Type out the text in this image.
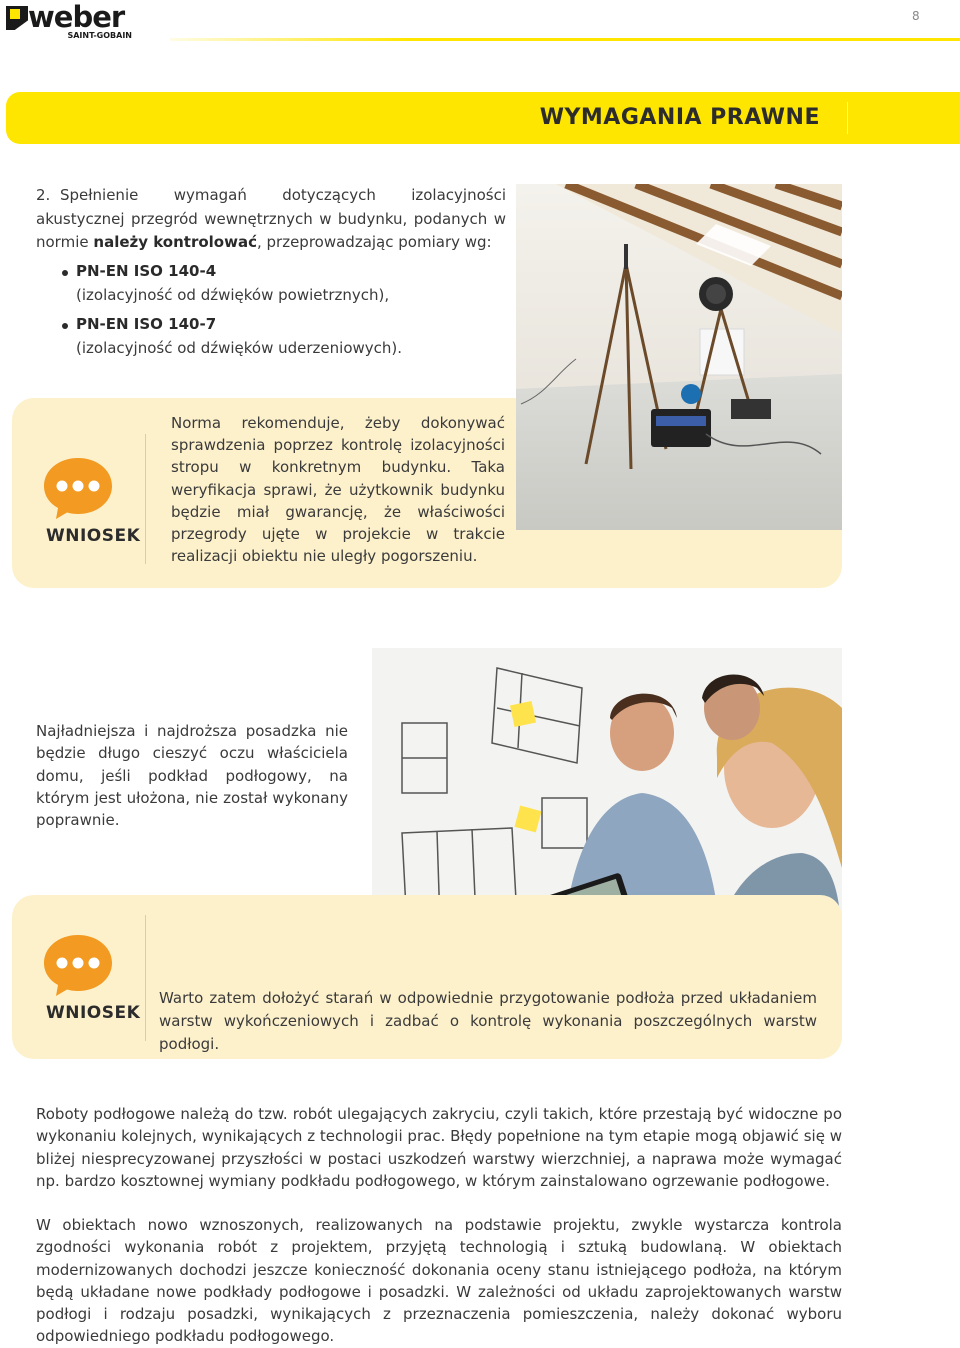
weber
SAINT-GOBAIN
8
WYMAGANIA PRAWNE
2. Spełnienie wymagań dotyczących izolacyjności akustycznej przegród wewnętrznych w budynku, podanych w normie należy kontrolować, przeprowadzając pomiary wg:
PN-EN ISO 140-4
(izolacyjność od dźwięków powietrznych),
PN-EN ISO 140-7
(izolacyjność od dźwięków uderzeniowych).
WNIOSEK
Norma rekomenduje, żeby dokonywać sprawdzenia poprzez kontrolę izolacyjności stropu w konkretnym budynku. Taka weryfikacja sprawi, że użytkownik budynku będzie miał gwarancję, że właściwości przegrody ujęte w projekcie w trakcie realizacji obiektu nie uległy pogorszeniu.
Najładniejsza i najdroższa posadzka nie będzie długo cieszyć oczu właściciela domu, jeśli podkład podłogowy, na którym jest ułożona, nie został wykonany poprawnie.
WNIOSEK
Warto zatem dołożyć starań w odpowiednie przygotowanie podłoża przed układaniem warstw wykończeniowych i zadbać o kontrolę wykonania poszczególnych warstw podłogi.
Roboty podłogowe należą do tzw. robót ulegających zakryciu, czyli takich, które przestają być widoczne po wykonaniu kolejnych, wynikających z technologii prac. Błędy popełnione na tym etapie mogą objawić się w bliżej niesprecyzowanej przyszłości w postaci uszkodzeń warstwy wierzchniej, a naprawa może wymagać np. bardzo kosztownej wymiany podkładu podłogowego, w którym zainstalowano ogrzewanie podłogowe.
W obiektach nowo wznoszonych, realizowanych na podstawie projektu, zwykle wystarcza kontrola zgodności wykonania robót z projektem, przyjętą technologią i sztuką budowlaną. W obiektach modernizowanych dochodzi jeszcze konieczność dokonania oceny stanu istniejącego podłoża, na którym będą układane nowe podkłady podłogowe i posadzki. W zależności od układu zaprojektowanych warstw podłogi i rodzaju posadzki, wynikających z przeznaczenia pomieszczenia, należy dokonać wyboru odpowiedniego podkładu podłogowego.
